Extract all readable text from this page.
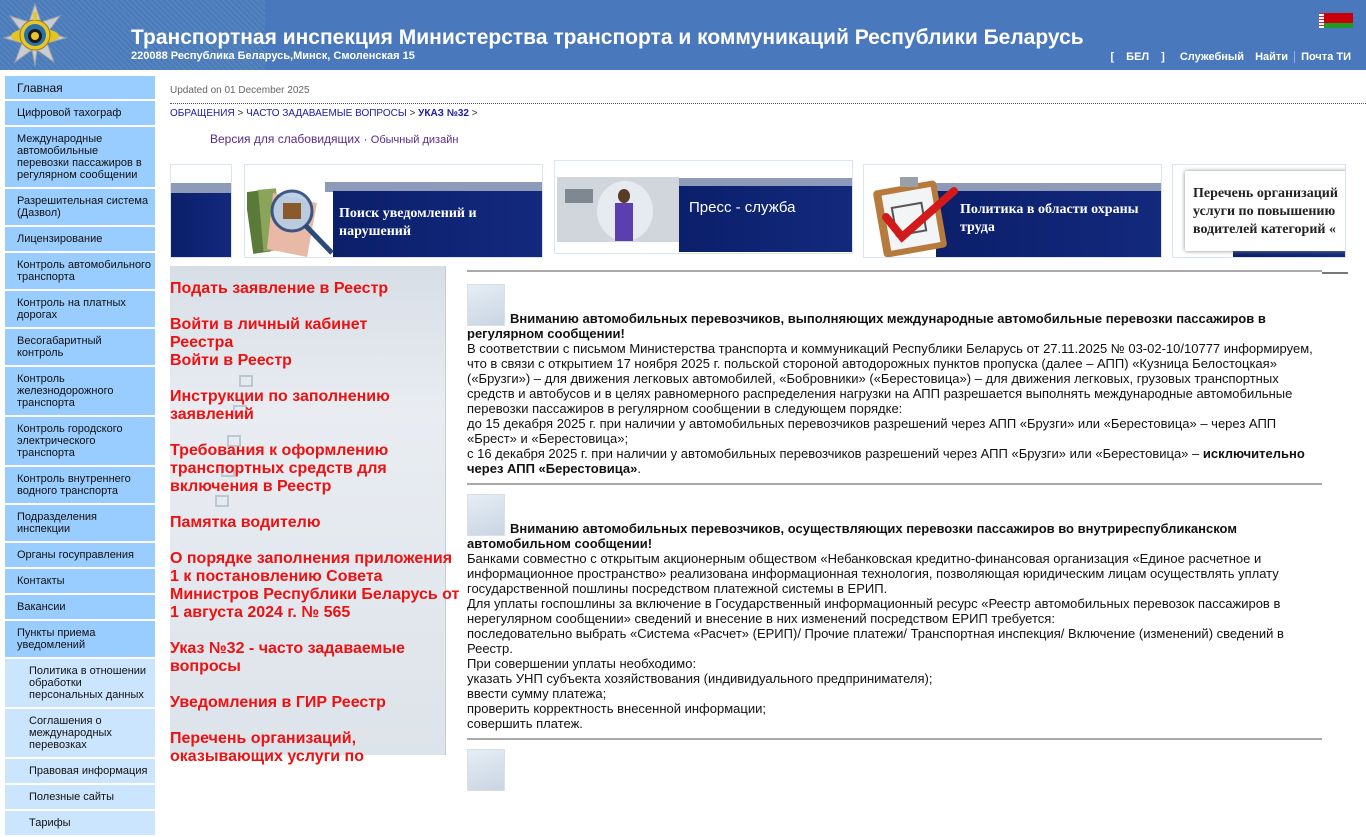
Транспортная инспекция Министерства транспорта и коммуникаций Республики Беларусь
220088 Республика Беларусь,Минск, Смоленская 15	[ БЕЛ ] Служебный Найти Почта ТИ
Главная
Цифровой тахограф
Международные автомобильные перевозки пассажиров в регулярном сообщении
Разрешительная система (Дазвол)
Лицензирование
Контроль автомобильного транспорта
Контроль на платных дорогах
Весогабаритный контроль
Контроль железнодорожного транспорта
Контроль городского электрического транспорта
Контроль внутреннего водного транспорта
Подразделения инспекции
Органы госуправления
Контакты
Вакансии
Пункты приема уведомлений
Политика в отношении обработки персональных данных
Соглашения о международных перевозках
Правовая информация
Полезные сайты
Тарифы
Updated on 01 December 2025
ОБРАЩЕНИЯ > ЧАСТО ЗАДАВАЕМЫЕ ВОПРОСЫ > УКАЗ №32 >
Версия для слабовидящих · Обычный дизайн
Поиск уведомлений и нарушений
Пресс - служба	Политика в области охраны труда
Перечень организаций
услуги по повышению
водителей категорий «
Подать заявление в Реестр
Войти в личный кабинет Реестра
Войти в Реестр
Инструкции по заполнению заявлений
Требования к оформлению транспортных средств для включения в Реестр
Памятка водителю
О порядке заполнения приложения 1 к постановлению Совета Министров Республики Беларусь от 1 августа 2024 г. № 565
Указ №32 - часто задаваемые вопросы
Уведомления в ГИР Реестр
Перечень организаций, оказывающих услуги по
Вниманию автомобильных перевозчиков, выполняющих международные автомобильные перевозки пассажиров в регулярном сообщении!

В соответствии с письмом Министерства транспорта и коммуникаций Республики Беларусь от 27.11.2025 № 03-02-10/10777 информируем, что в связи с открытием 17 ноября 2025 г. польской стороной автодорожных пунктов пропуска (далее – АПП) «Кузница Белостоцкая» («Брузги») – для движения легковых автомобилей, «Бобровники» («Берестовица») – для движения легковых, грузовых транспортных средств и автобусов и в целях равномерного распределения нагрузки на АПП разрешается выполнять международные автомобильные перевозки пассажиров в регулярном сообщении в следующем порядке:

до 15 декабря 2025 г. при наличии у автомобильных перевозчиков разрешений через АПП «Брузги» или «Берестовица» – через АПП «Брест» и «Берестовица»;

с 16 декабря 2025 г. при наличии у автомобильных перевозчиков разрешений через АПП «Брузги» или «Берестовица» – исключительно через АПП «Берестовица».

Вниманию автомобильных перевозчиков, осуществляющих перевозки пассажиров во внутриреспубликанском автомобильном сообщении!

Банками совместно с открытым акционерным обществом «Небанковская кредитно-финансовая организация «Единое расчетное и информационное пространство» реализована информационная технология, позволяющая юридическим лицам осуществлять уплату государственной пошлины посредством платежной системы в ЕРИП.

Для уплаты госпошлины за включение в Государственный информационный ресурс «Реестр автомобильных перевозок пассажиров в нерегулярном сообщении» сведений и внесение в них изменений посредством ЕРИП требуется:

последовательно выбрать «Система «Расчет» (ЕРИП)/ Прочие платежи/ Транспортная инспекция/ Включение (изменений) сведений в Реестр.

При совершении уплаты необходимо:

указать УНП субъекта хозяйствования (индивидуального предпринимателя);

ввести сумму платежа;

проверить корректность внесенной информации;

совершить платеж.
